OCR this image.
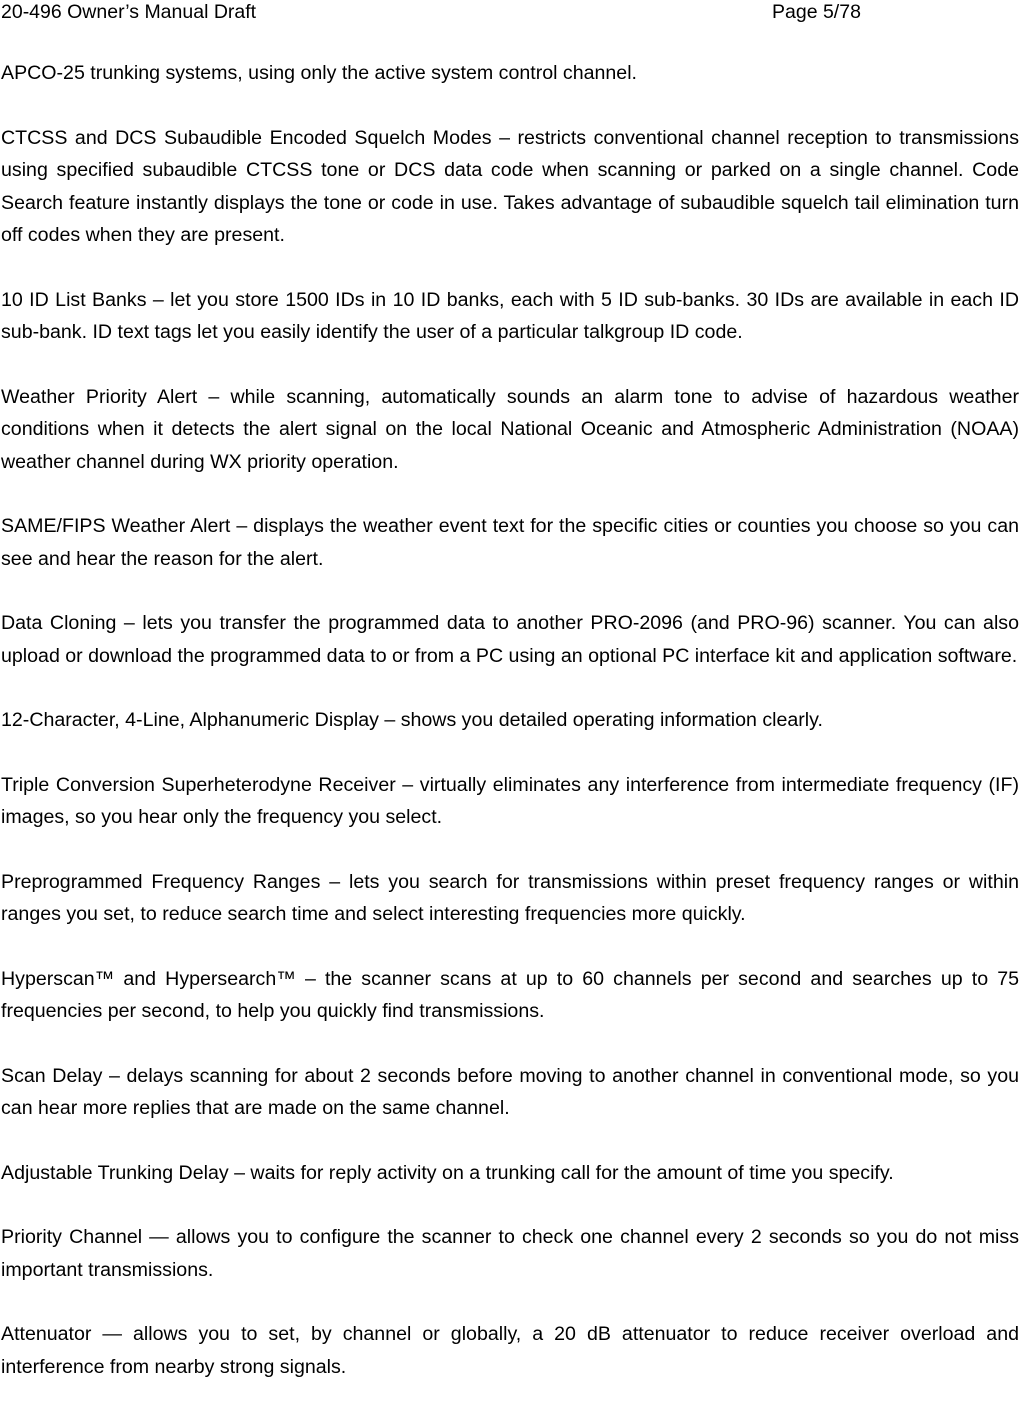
20-496 Owner’s Manual Draft	Page 5/78

APCO-25 trunking systems, using only the active system control channel.

CTCSS and DCS Subaudible Encoded Squelch Modes – restricts conventional channel reception to transmissions using specified subaudible CTCSS tone or DCS data code when scanning or parked on a single channel. Code Search feature instantly displays the tone or code in use. Takes advantage of subaudible squelch tail elimination turn off codes when they are present.

10 ID List Banks – let you store 1500 IDs in 10 ID banks, each with 5 ID sub-banks. 30 IDs are available in each ID sub-bank. ID text tags let you easily identify the user of a particular talkgroup ID code.

Weather Priority Alert – while scanning, automatically sounds an alarm tone to advise of hazardous weather conditions when it detects the alert signal on the local National Oceanic and Atmospheric Administration (NOAA) weather channel during WX priority operation.

SAME/FIPS Weather Alert – displays the weather event text for the specific cities or counties you choose so you can see and hear the reason for the alert.

Data Cloning – lets you transfer the programmed data to another PRO-2096 (and PRO-96) scanner. You can also upload or download the programmed data to or from a PC using an optional PC interface kit and application software.

12-Character, 4-Line, Alphanumeric Display – shows you detailed operating information clearly.

Triple Conversion Superheterodyne Receiver – virtually eliminates any interference from intermediate frequency (IF) images, so you hear only the frequency you select.

Preprogrammed Frequency Ranges – lets you search for transmissions within preset frequency ranges or within ranges you set, to reduce search time and select interesting frequencies more quickly.

Hyperscan™ and Hypersearch™ – the scanner scans at up to 60 channels per second and searches up to 75 frequencies per second, to help you quickly find transmissions.

Scan Delay – delays scanning for about 2 seconds before moving to another channel in conventional mode, so you can hear more replies that are made on the same channel.

Adjustable Trunking Delay – waits for reply activity on a trunking call for the amount of time you specify.

Priority Channel — allows you to configure the scanner to check one channel every 2 seconds so you do not miss important transmissions.

Attenuator — allows you to set, by channel or globally, a 20 dB attenuator to reduce receiver overload and interference from nearby strong signals.
